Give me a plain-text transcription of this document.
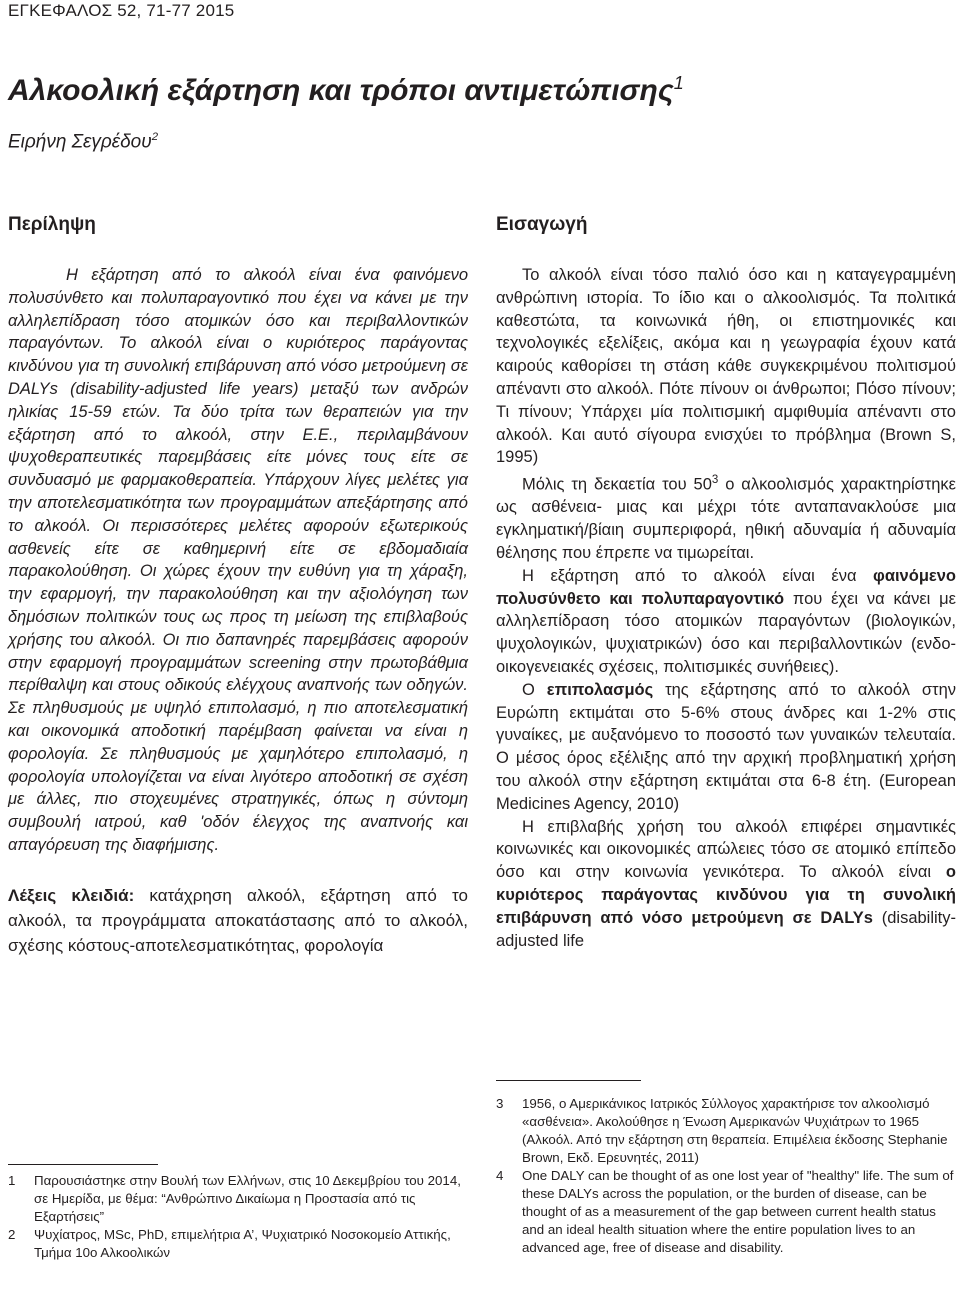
ΕΓΚΕΦΑΛΟΣ 52, 71-77 2015
Αλκοολική εξάρτηση και τρόποι αντιμετώπισης$^1$
Ειρήνη Σεγρέδου$^2$
Περίληψη

Η εξάρτηση από το αλκοόλ είναι ένα φαινόμενο πολυσύνθετο και πολυπαραγοντικό που έχει να κάνει με την αλληλεπίδραση τόσο ατομικών όσο και περιβαλλοντικών παραγόντων. Το αλκοόλ είναι ο κυριότερος παράγοντας κινδύνου για τη συνολική επιβάρυνση από νόσο μετρούμενη σε DALYs (disability-adjusted life years) μεταξύ των ανδρών ηλικίας 15-59 ετών. Τα δύο τρίτα των θεραπειών για την εξάρτηση από το αλκοόλ, στην Ε.Ε., περιλαμβάνουν ψυχοθεραπευτικές παρεμβάσεις είτε μόνες τους είτε σε συνδυασμό με φαρμακοθεραπεία. Υπάρχουν λίγες μελέτες για την αποτελεσματικότητα των προγραμμάτων απεξάρτησης από το αλκοόλ. Οι περισσότερες μελέτες αφορούν εξωτερικούς ασθενείς είτε σε καθημερινή είτε σε εβδομαδιαία παρακολούθηση. Οι χώρες έχουν την ευθύνη για τη χάραξη, την εφαρμογή, την παρακολούθηση και την αξιολόγηση των δημόσιων πολιτικών τους ως προς τη μείωση της επιβλαβούς χρήσης του αλκοόλ. Οι πιο δαπανηρές παρεμβάσεις αφορούν στην εφαρμογή προγραμμάτων screening στην πρωτοβάθμια περίθαλψη και στους οδικούς ελέγχους αναπνοής των οδηγών. Σε πληθυσμούς με υψηλό επιπολασμό, η πιο αποτελεσματική και οικονομικά αποδοτική παρέμβαση φαίνεται να είναι η φορολογία. Σε πληθυσμούς με χαμηλότερο επιπολασμό, η φορολογία υπολογίζεται να είναι λιγότερο αποδοτική σε σχέση με άλλες, πιο στοχευμένες στρατηγικές, όπως η σύντομη συμβουλή ιατρού, καθ 'οδόν έλεγχος της αναπνοής και απαγόρευση της διαφήμισης.

Λέξεις κλειδιά: κατάχρηση αλκοόλ, εξάρτηση από το αλκοόλ, τα προγράμματα αποκατάστασης από το αλκοόλ, σχέσης κόστους-αποτελεσματικότητας, φορολογία

Εισαγωγή

Το αλκοόλ είναι τόσο παλιό όσο και η καταγεγραμμένη ανθρώπινη ιστορία. Το ίδιο και ο αλκοολισμός. Τα πολιτικά καθεστώτα, τα κοινωνικά ήθη, οι επιστημονικές και τεχνολογικές εξελίξεις, ακόμα και η γεωγραφία έχουν κατά καιρούς καθορίσει τη στάση κάθε συγκεκριμένου πολιτισμού απέναντι στο αλκοόλ. Πότε πίνουν οι άνθρωποι; Πόσο πίνουν; Τι πίνουν; Υπάρχει μία πολιτισμική αμφιθυμία απέναντι στο αλκοόλ. Και αυτό σίγουρα ενισχύει το πρόβλημα (Brown S, 1995)

Μόλις τη δεκαετία του $50^3$ ο αλκοολισμός χαρακτηρίστηκε ως ασθένεια- μιας και μέχρι τότε ανταπανακλούσε μια εγκληματική/βίαιη συμπεριφορά, ηθική αδυναμία ή αδυναμία θέλησης που έπρεπε να τιμωρείται.

Η εξάρτηση από το αλκοόλ είναι ένα φαινόμενο πολυσύνθετο και πολυπαραγοντικό που έχει να κάνει με αλληλεπίδραση τόσο ατομικών παραγόντων (βιολογικών, ψυχολογικών, ψυχιατρικών) όσο και περιβαλλοντικών (ενδο-οικογενειακές σχέσεις, πολιτισμικές συνήθειες).

Ο επιπολασμός της εξάρτησης από το αλκοόλ στην Ευρώπη εκτιμάται στο 5-6% στους άνδρες και 1-2% στις γυναίκες, με αυξανόμενο το ποσοστό των γυναικών τελευταία. Ο μέσος όρος εξέλιξης από την αρχική προβληματική χρήση του αλκοόλ στην εξάρτηση εκτιμάται στα 6-8 έτη. (European Medicines Agency, 2010)

Η επιβλαβής χρήση του αλκοόλ επιφέρει σημαντικές κοινωνικές και οικονομικές απώλειες τόσο σε ατομικό επίπεδο όσο και στην κοινωνία γενικότερα. Το αλκοόλ είναι ο κυριότερος παράγοντας κινδύνου για τη συνολική επιβάρυνση από νόσο μετρούμενη σε DALYs (disability- adjusted life

1	Παρουσιάστηκε στην Βουλή των Ελλήνων, στις 10 Δεκεμβρίου του 2014, σε Ημερίδα, με θέμα: “Ανθρώπινο Δικαίωμα η Προστασία από τις Εξαρτήσεις”
2	Ψυχίατρος, MSc, PhD, επιμελήτρια Α’, Ψυχιατρικό Νοσοκομείο Αττικής, Τμήμα 10ο Αλκοολικών
3	1956, ο Αμερικάνικος Ιατρικός Σύλλογος χαρακτήρισε τον αλκοολισμό «ασθένεια». Ακολούθησε η Ένωση Αμερικανών Ψυχιάτρων το 1965 (Αλκοόλ. Από την εξάρτηση στη θεραπεία. Επιμέλεια έκδοσης Stephanie Brown, Εκδ. Ερευνητές, 2011)
4	One DALY can be thought of as one lost year of "healthy" life. The sum of these DALYs across the population, or the burden of disease, can be thought of as a measurement of the gap between current health status and an ideal health situation where the entire population lives to an advanced age, free of disease and disability.
